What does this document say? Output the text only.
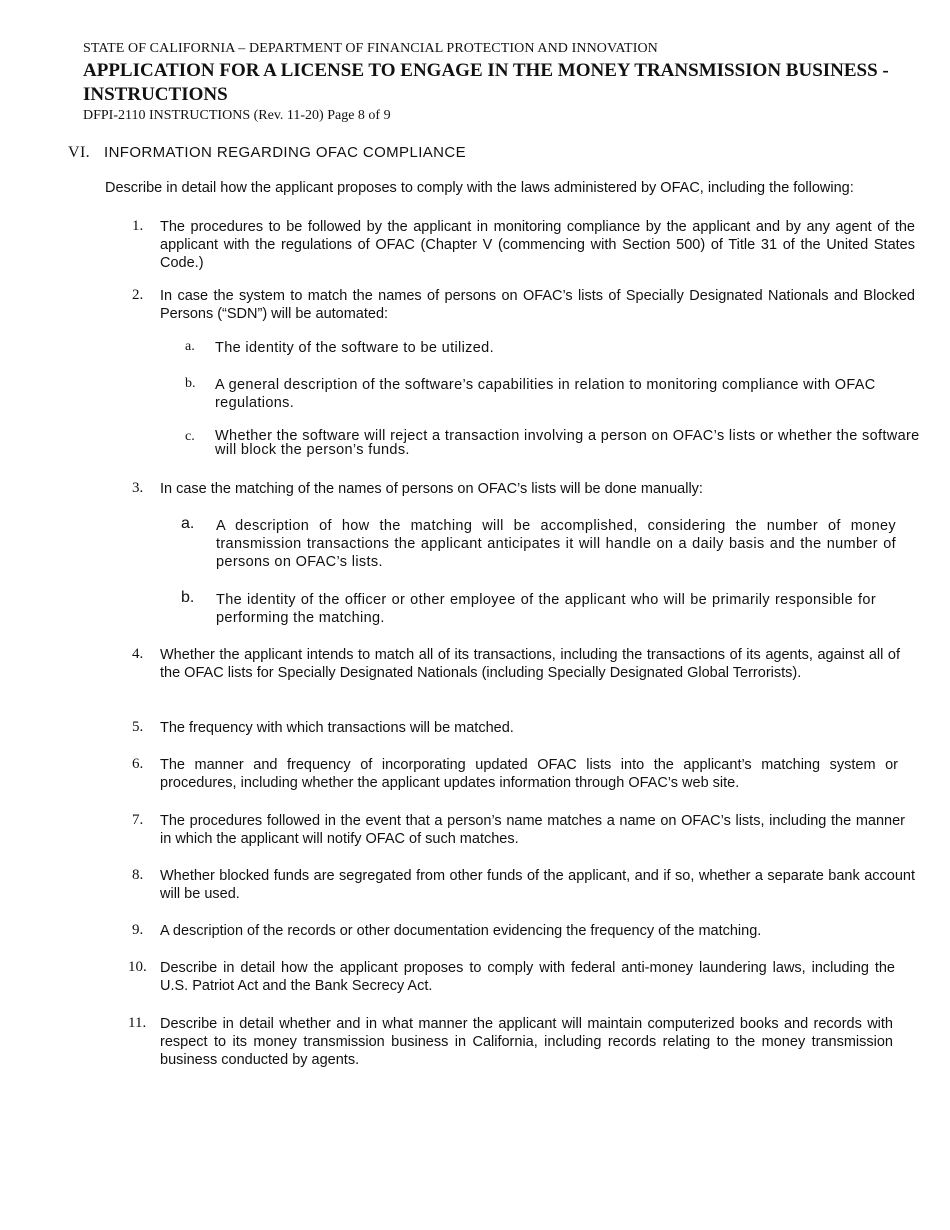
STATE OF CALIFORNIA – DEPARTMENT OF FINANCIAL PROTECTION AND INNOVATION
APPLICATION FOR A LICENSE TO ENGAGE IN THE MONEY TRANSMISSION BUSINESS - INSTRUCTIONS
DFPI-2110 INSTRUCTIONS (Rev. 11-20) Page 8 of 9
VI. INFORMATION REGARDING OFAC COMPLIANCE
Describe in detail how the applicant proposes to comply with the laws administered by OFAC, including the following:
1. The procedures to be followed by the applicant in monitoring compliance by the applicant and by any agent of the applicant with the regulations of OFAC (Chapter V (commencing with Section 500) of Title 31 of the United States Code.)
2. In case the system to match the names of persons on OFAC’s lists of Specially Designated Nationals and Blocked Persons (“SDN”) will be automated:
a. The identity of the software to be utilized.
b. A general description of the software’s capabilities in relation to monitoring compliance with OFAC regulations.
c. Whether the software will reject a transaction involving a person on OFAC’s lists or whether the software will block the person’s funds.
3. In case the matching of the names of persons on OFAC’s lists will be done manually:
a. A description of how the matching will be accomplished, considering the number of money transmission transactions the applicant anticipates it will handle on a daily basis and the number of persons on OFAC’s lists.
b. The identity of the officer or other employee of the applicant who will be primarily responsible for performing the matching.
4. Whether the applicant intends to match all of its transactions, including the transactions of its agents, against all of the OFAC lists for Specially Designated Nationals (including Specially Designated Global Terrorists).
5. The frequency with which transactions will be matched.
6. The manner and frequency of incorporating updated OFAC lists into the applicant’s matching system or procedures, including whether the applicant updates information through OFAC’s web site.
7. The procedures followed in the event that a person’s name matches a name on OFAC’s lists, including the manner in which the applicant will notify OFAC of such matches.
8. Whether blocked funds are segregated from other funds of the applicant, and if so, whether a separate bank account will be used.
9. A description of the records or other documentation evidencing the frequency of the matching.
10. Describe in detail how the applicant proposes to comply with federal anti-money laundering laws, including the U.S. Patriot Act and the Bank Secrecy Act.
11. Describe in detail whether and in what manner the applicant will maintain computerized books and records with respect to its money transmission business in California, including records relating to the money transmission business conducted by agents.
